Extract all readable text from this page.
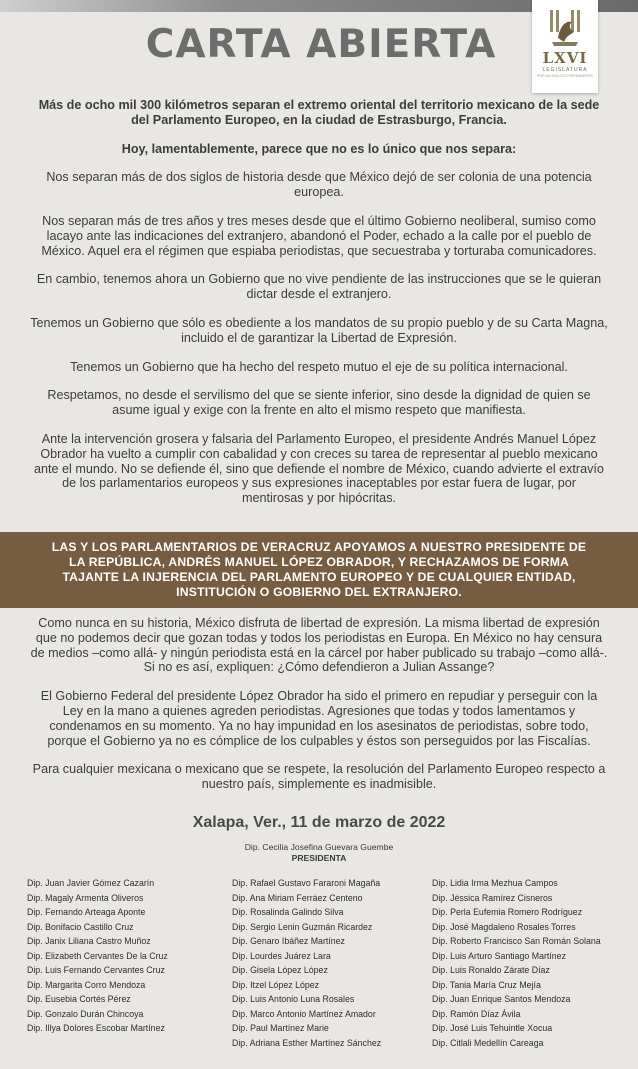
CARTA ABIERTA	LXVI
LEGISLATURA
POR UN DIÁLOGO PERMANENTE

Más de ocho mil 300 kilómetros separan el extremo oriental del territorio mexicano de la sede del Parlamento Europeo, en la ciudad de Estrasburgo, Francia.

Hoy, lamentablemente, parece que no es lo único que nos separa:

Nos separan más de dos siglos de historia desde que México dejó de ser colonia de una potencia europea.

Nos separan más de tres años y tres meses desde que el último Gobierno neoliberal, sumiso como lacayo ante las indicaciones del extranjero, abandonó el Poder, echado a la calle por el pueblo de México. Aquel era el régimen que espiaba periodistas, que secuestraba y torturaba comunicadores.

En cambio, tenemos ahora un Gobierno que no vive pendiente de las instrucciones que se le quieran dictar desde el extranjero.

Tenemos un Gobierno que sólo es obediente a los mandatos de su propio pueblo y de su Carta Magna, incluido el de garantizar la Libertad de Expresión.

Tenemos un Gobierno que ha hecho del respeto mutuo el eje de su política internacional.

Respetamos, no desde el servilismo del que se siente inferior, sino desde la dignidad de quien se asume igual y exige con la frente en alto el mismo respeto que manifiesta.

Ante la intervención grosera y falsaria del Parlamento Europeo, el presidente Andrés Manuel López Obrador ha vuelto a cumplir con cabalidad y con creces su tarea de representar al pueblo mexicano ante el mundo. No se defiende él, sino que defiende el nombre de México, cuando advierte el extravío de los parlamentarios europeos y sus expresiones inaceptables por estar fuera de lugar, por mentirosas y por hipócritas.

LAS Y LOS PARLAMENTARIOS DE VERACRUZ APOYAMOS A NUESTRO PRESIDENTE DE LA REPÚBLICA, ANDRÉS MANUEL LÓPEZ OBRADOR, Y RECHAZAMOS DE FORMA TAJANTE LA INJERENCIA DEL PARLAMENTO EUROPEO Y DE CUALQUIER ENTIDAD, INSTITUCIÓN O GOBIERNO DEL EXTRANJERO.

Como nunca en su historia, México disfruta de libertad de expresión. La misma libertad de expresión que no podemos decir que gozan todas y todos los periodistas en Europa. En México no hay censura de medios –como allá- y ningún periodista está en la cárcel por haber publicado su trabajo –como allá-. Si no es así, expliquen: ¿Cómo defendieron a Julian Assange?

El Gobierno Federal del presidente López Obrador ha sido el primero en repudiar y perseguir con la Ley en la mano a quienes agreden periodistas. Agresiones que todas y todos lamentamos y condenamos en su momento. Ya no hay impunidad en los asesinatos de periodistas, sobre todo, porque el Gobierno ya no es cómplice de los culpables y éstos son perseguidos por las Fiscalías.

Para cualquier mexicana o mexicano que se respete, la resolución del Parlamento Europeo respecto a nuestro país, simplemente es inadmisible.

Xalapa, Ver., 11 de marzo de 2022
Dip. Cecilia Josefina Guevara Guembe
PRESIDENTA
Dip. Juan Javier Gómez Cazarín
Dip. Magaly Armenta Oliveros
Dip. Fernando Arteaga Aponte
Dip. Bonifacio Castillo Cruz
Dip. Janix Liliana Castro Muñoz
Dip. Elizabeth Cervantes De la Cruz
Dip. Luis Fernando Cervantes Cruz
Dip. Margarita Corro Mendoza
Dip. Eusebia Cortés Pérez
Dip. Gonzalo Durán Chincoya
Dip. Illya Dolores Escobar Martínez
Dip. Rafael Gustavo Fararoni Magaña
Dip. Ana Miriam Ferráez Centeno
Dip. Rosalinda Galindo Silva
Dip. Sergio Lenin Guzmán Ricardez
Dip. Genaro Ibáñez Martínez
Dip. Lourdes Juárez Lara
Dip. Gisela López López
Dip. Itzel López López
Dip. Luis Antonio Luna Rosales
Dip. Marco Antonio Martínez Amador
Dip. Paul Martínez Marie
Dip. Adriana Esther Martínez Sánchez
Dip. Lidia Irma Mezhua Campos
Dip. Jéssica Ramírez Cisneros
Dip. Perla Eufemia Romero Rodríguez
Dip. José Magdaleno Rosales Torres
Dip. Roberto Francisco San Román Solana
Dip. Luis Arturo Santiago Martínez
Dip. Luis Ronaldo Zárate Díaz
Dip. Tania María Cruz Mejía
Dip. Juan Enrique Santos Mendoza
Dip. Ramón Díaz Ávila
Dip. José Luis Tehuintle Xocua
Dip. Citlali Medellín Careaga
